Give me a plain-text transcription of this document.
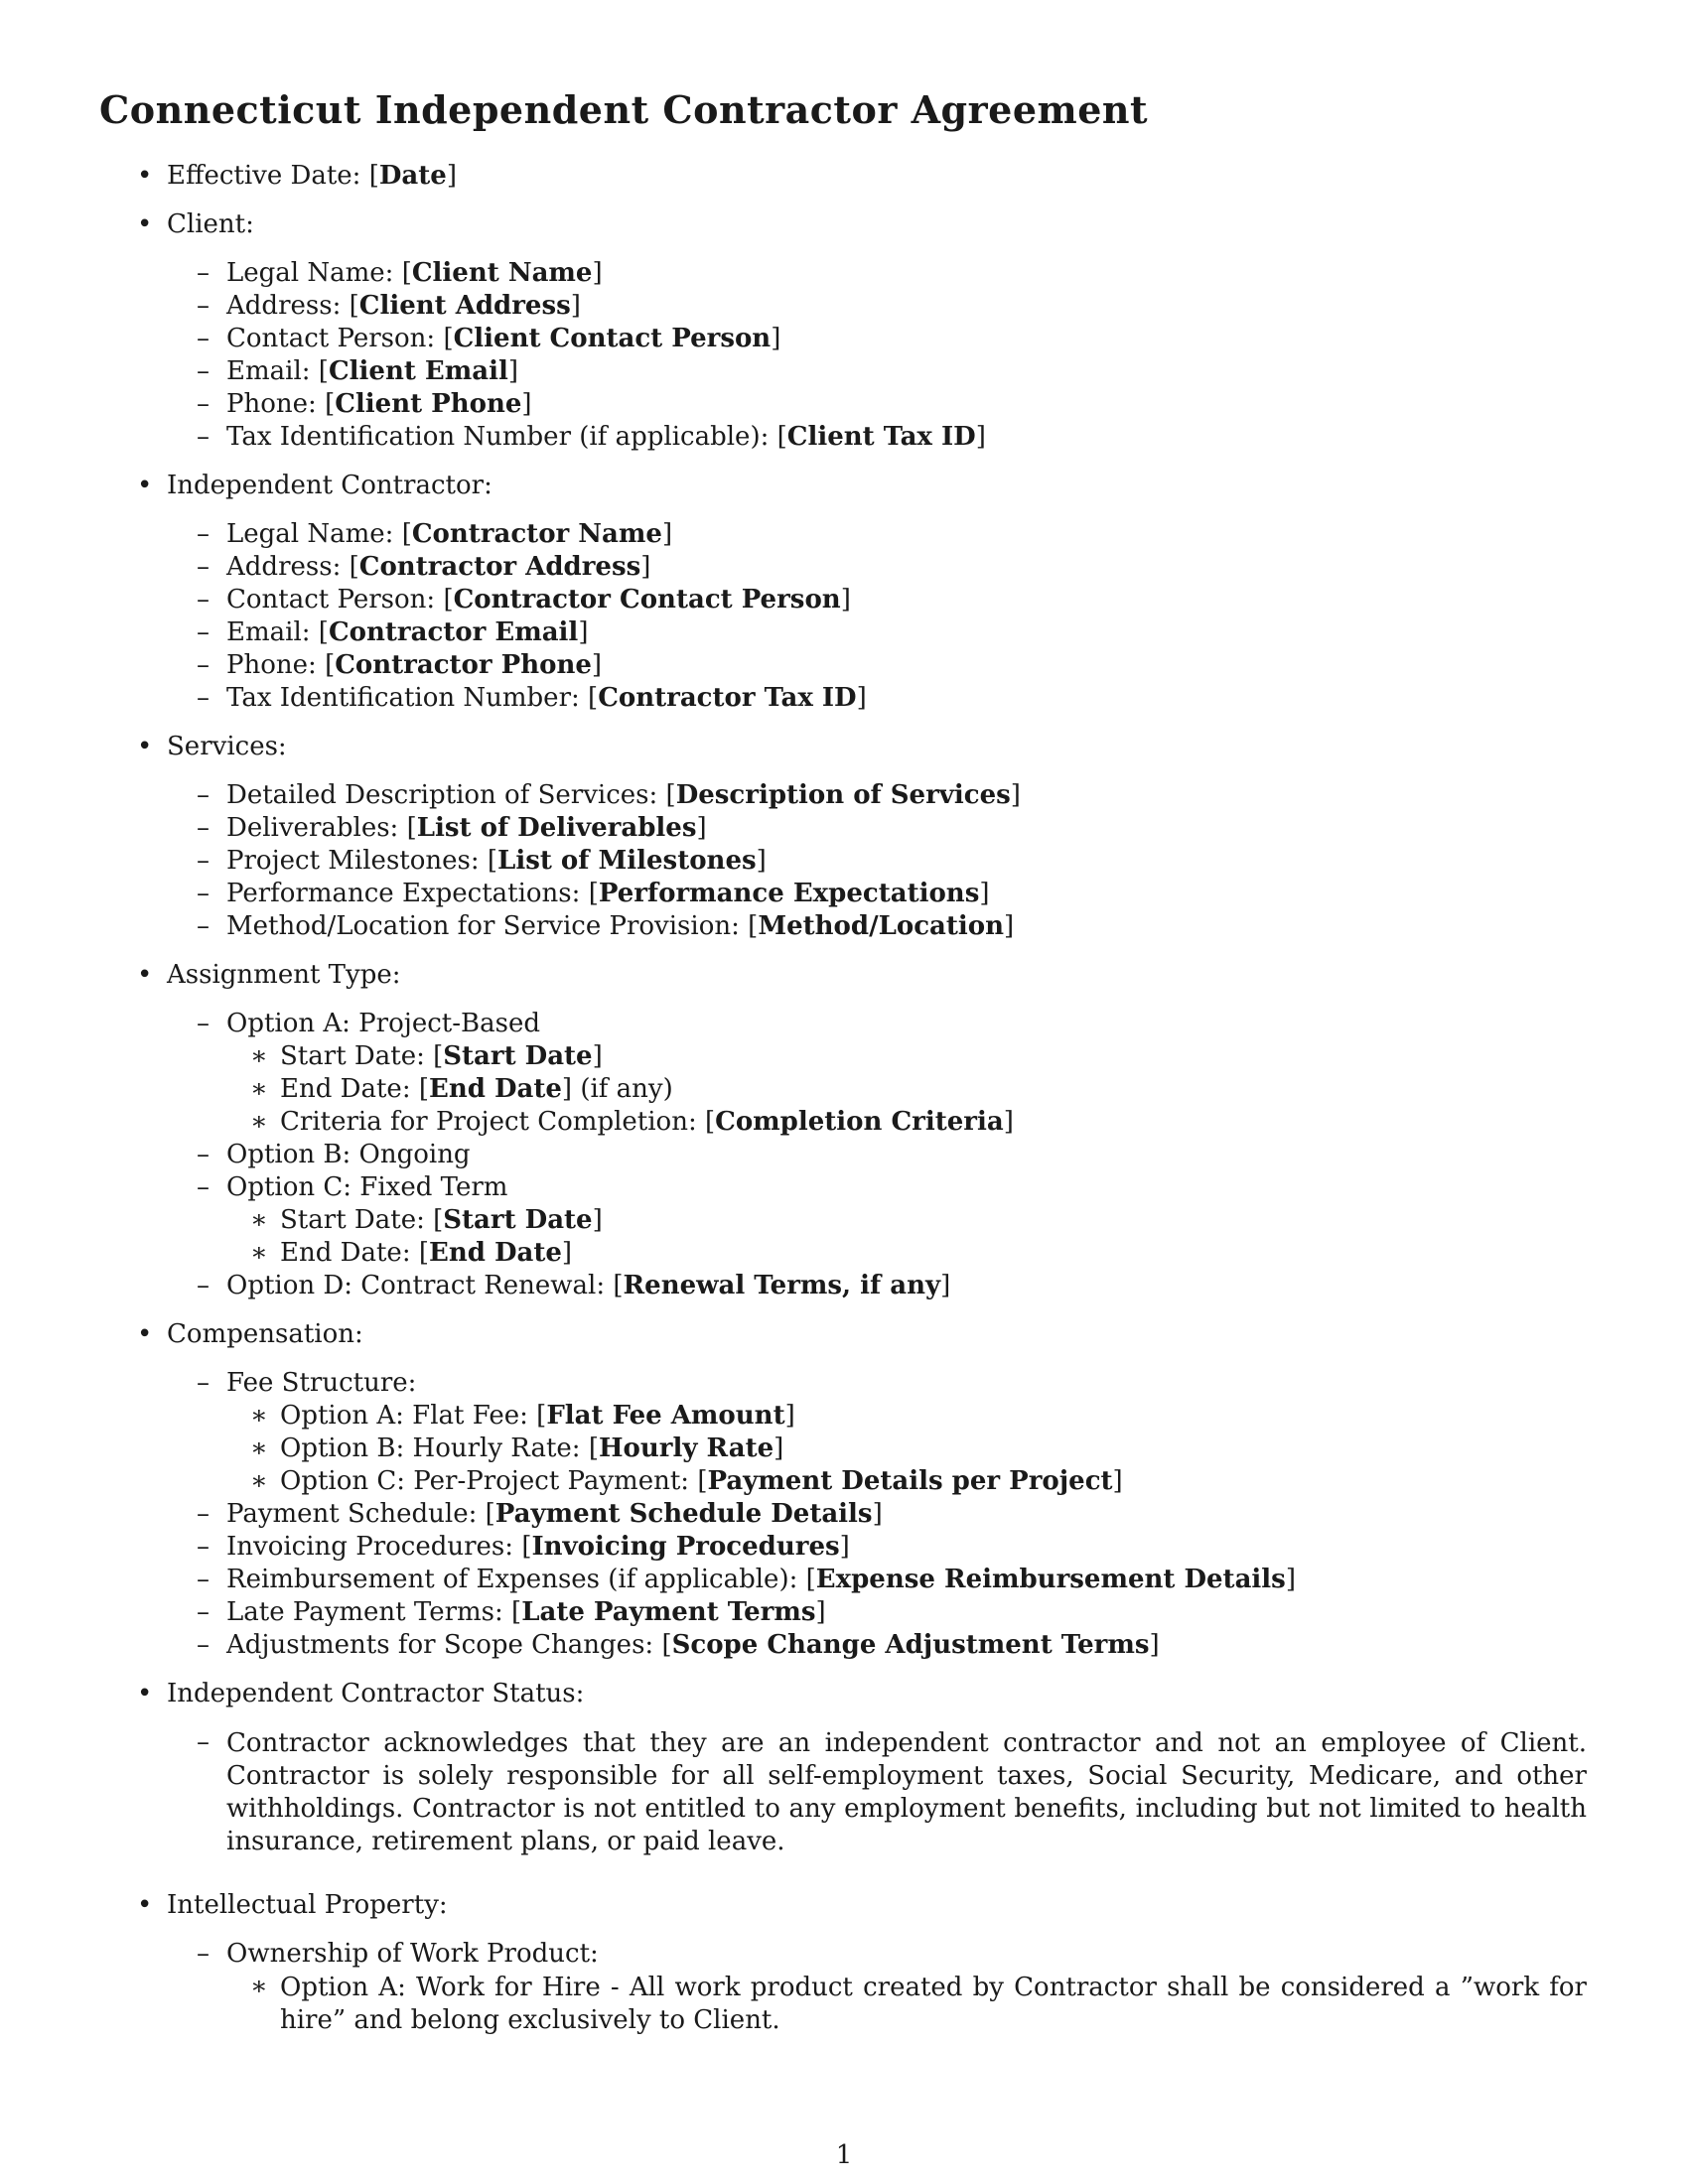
Connecticut Independent Contractor Agreement
• Effective Date: [Date]
• Client:
– Legal Name: [Client Name]
– Address: [Client Address]
– Contact Person: [Client Contact Person]
– Email: [Client Email]
– Phone: [Client Phone]
– Tax Identification Number (if applicable): [Client Tax ID]
• Independent Contractor:
– Legal Name: [Contractor Name]
– Address: [Contractor Address]
– Contact Person: [Contractor Contact Person]
– Email: [Contractor Email]
– Phone: [Contractor Phone]
– Tax Identification Number: [Contractor Tax ID]
• Services:
– Detailed Description of Services: [Description of Services]
– Deliverables: [List of Deliverables]
– Project Milestones: [List of Milestones]
– Performance Expectations: [Performance Expectations]
– Method/Location for Service Provision: [Method/Location]
• Assignment Type:
– Option A: Project-Based
∗ Start Date: [Start Date]
∗ End Date: [End Date] (if any)
∗ Criteria for Project Completion: [Completion Criteria]
– Option B: Ongoing
– Option C: Fixed Term
∗ Start Date: [Start Date]
∗ End Date: [End Date]
– Option D: Contract Renewal: [Renewal Terms, if any]
• Compensation:
– Fee Structure:
∗ Option A: Flat Fee: [Flat Fee Amount]
∗ Option B: Hourly Rate: [Hourly Rate]
∗ Option C: Per-Project Payment: [Payment Details per Project]
– Payment Schedule: [Payment Schedule Details]
– Invoicing Procedures: [Invoicing Procedures]
– Reimbursement of Expenses (if applicable): [Expense Reimbursement Details]
– Late Payment Terms: [Late Payment Terms]
– Adjustments for Scope Changes: [Scope Change Adjustment Terms]
• Independent Contractor Status:
– Contractor acknowledges that they are an independent contractor and not an employee of Client. Contractor is solely responsible for all self-employment taxes, Social Security, Medicare, and other withholdings. Contractor is not entitled to any employment benefits, including but not limited to health insurance, retirement plans, or paid leave.
• Intellectual Property:
– Ownership of Work Product:
∗ Option A: Work for Hire - All work product created by Contractor shall be considered a ”work for hire” and belong exclusively to Client.
1
